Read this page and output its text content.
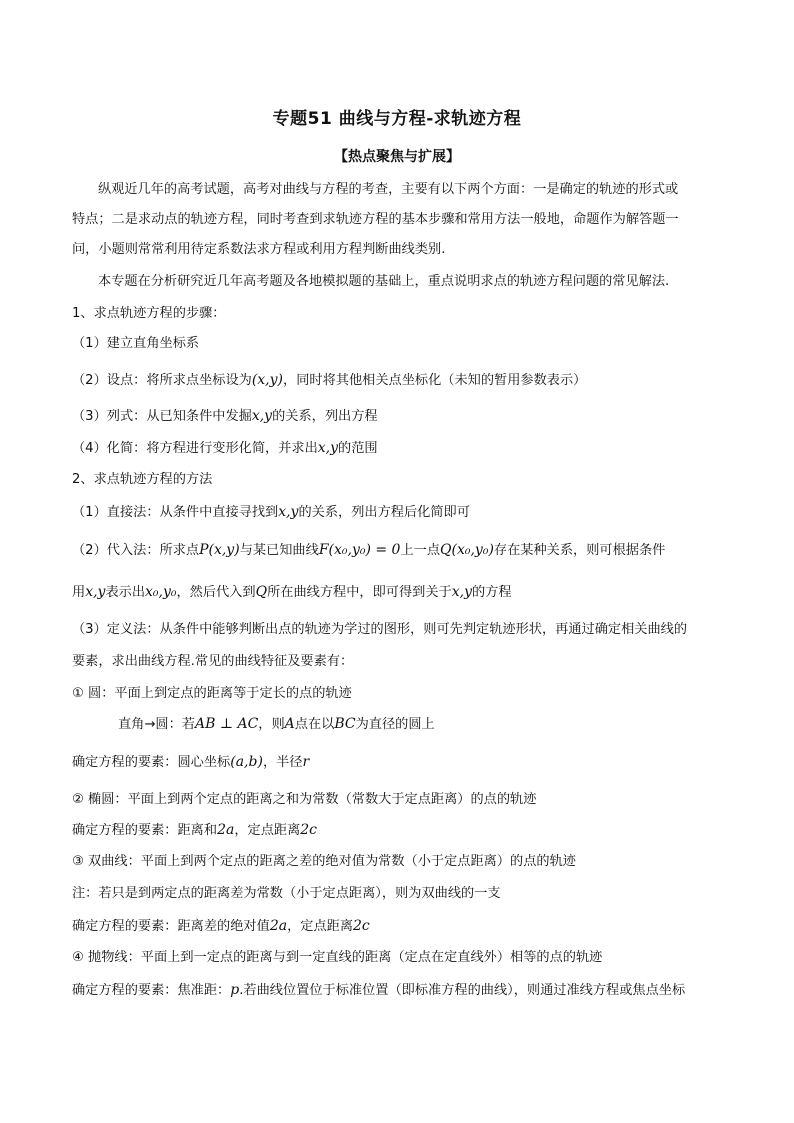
专题51 曲线与方程-求轨迹方程
【热点聚焦与扩展】
纵观近几年的高考试题，高考对曲线与方程的考查，主要有以下两个方面：一是确定的轨迹的形式或
特点；二是求动点的轨迹方程，同时考查到求轨迹方程的基本步骤和常用方法一般地，命题作为解答题一
问，小题则常常利用待定系数法求方程或利用方程判断曲线类别.
本专题在分析研究近几年高考题及各地模拟题的基础上，重点说明求点的轨迹方程问题的常见解法.
1、求点轨迹方程的步骤：
（1）建立直角坐标系
（2）设点：将所求点坐标设为(x,y)，同时将其他相关点坐标化（未知的暂用参数表示）
（3）列式：从已知条件中发掘x,y的关系，列出方程
（4）化简：将方程进行变形化简，并求出x,y的范围
2、求点轨迹方程的方法
（1）直接法：从条件中直接寻找到x,y的关系，列出方程后化简即可
（2）代入法：所求点P(x,y)与某已知曲线F(x₀,y₀) = 0上一点Q(x₀,y₀)存在某种关系，则可根据条件
用x,y表示出x₀,y₀，然后代入到Q所在曲线方程中，即可得到关于x,y的方程
（3）定义法：从条件中能够判断出点的轨迹为学过的图形，则可先判定轨迹形状，再通过确定相关曲线的
要素，求出曲线方程.常见的曲线特征及要素有：
① 圆：平面上到定点的距离等于定长的点的轨迹
直角→圆：若AB ⊥ AC，则A点在以BC为直径的圆上
确定方程的要素：圆心坐标(a,b)，半径r
② 椭圆：平面上到两个定点的距离之和为常数（常数大于定点距离）的点的轨迹
确定方程的要素：距离和2a，定点距离2c
③ 双曲线：平面上到两个定点的距离之差的绝对值为常数（小于定点距离）的点的轨迹
注：若只是到两定点的距离差为常数（小于定点距离），则为双曲线的一支
确定方程的要素：距离差的绝对值2a，定点距离2c
④ 抛物线：平面上到一定点的距离与到一定直线的距离（定点在定直线外）相等的点的轨迹
确定方程的要素：焦准距：p.若曲线位置位于标准位置（即标准方程的曲线），则通过准线方程或焦点坐标
